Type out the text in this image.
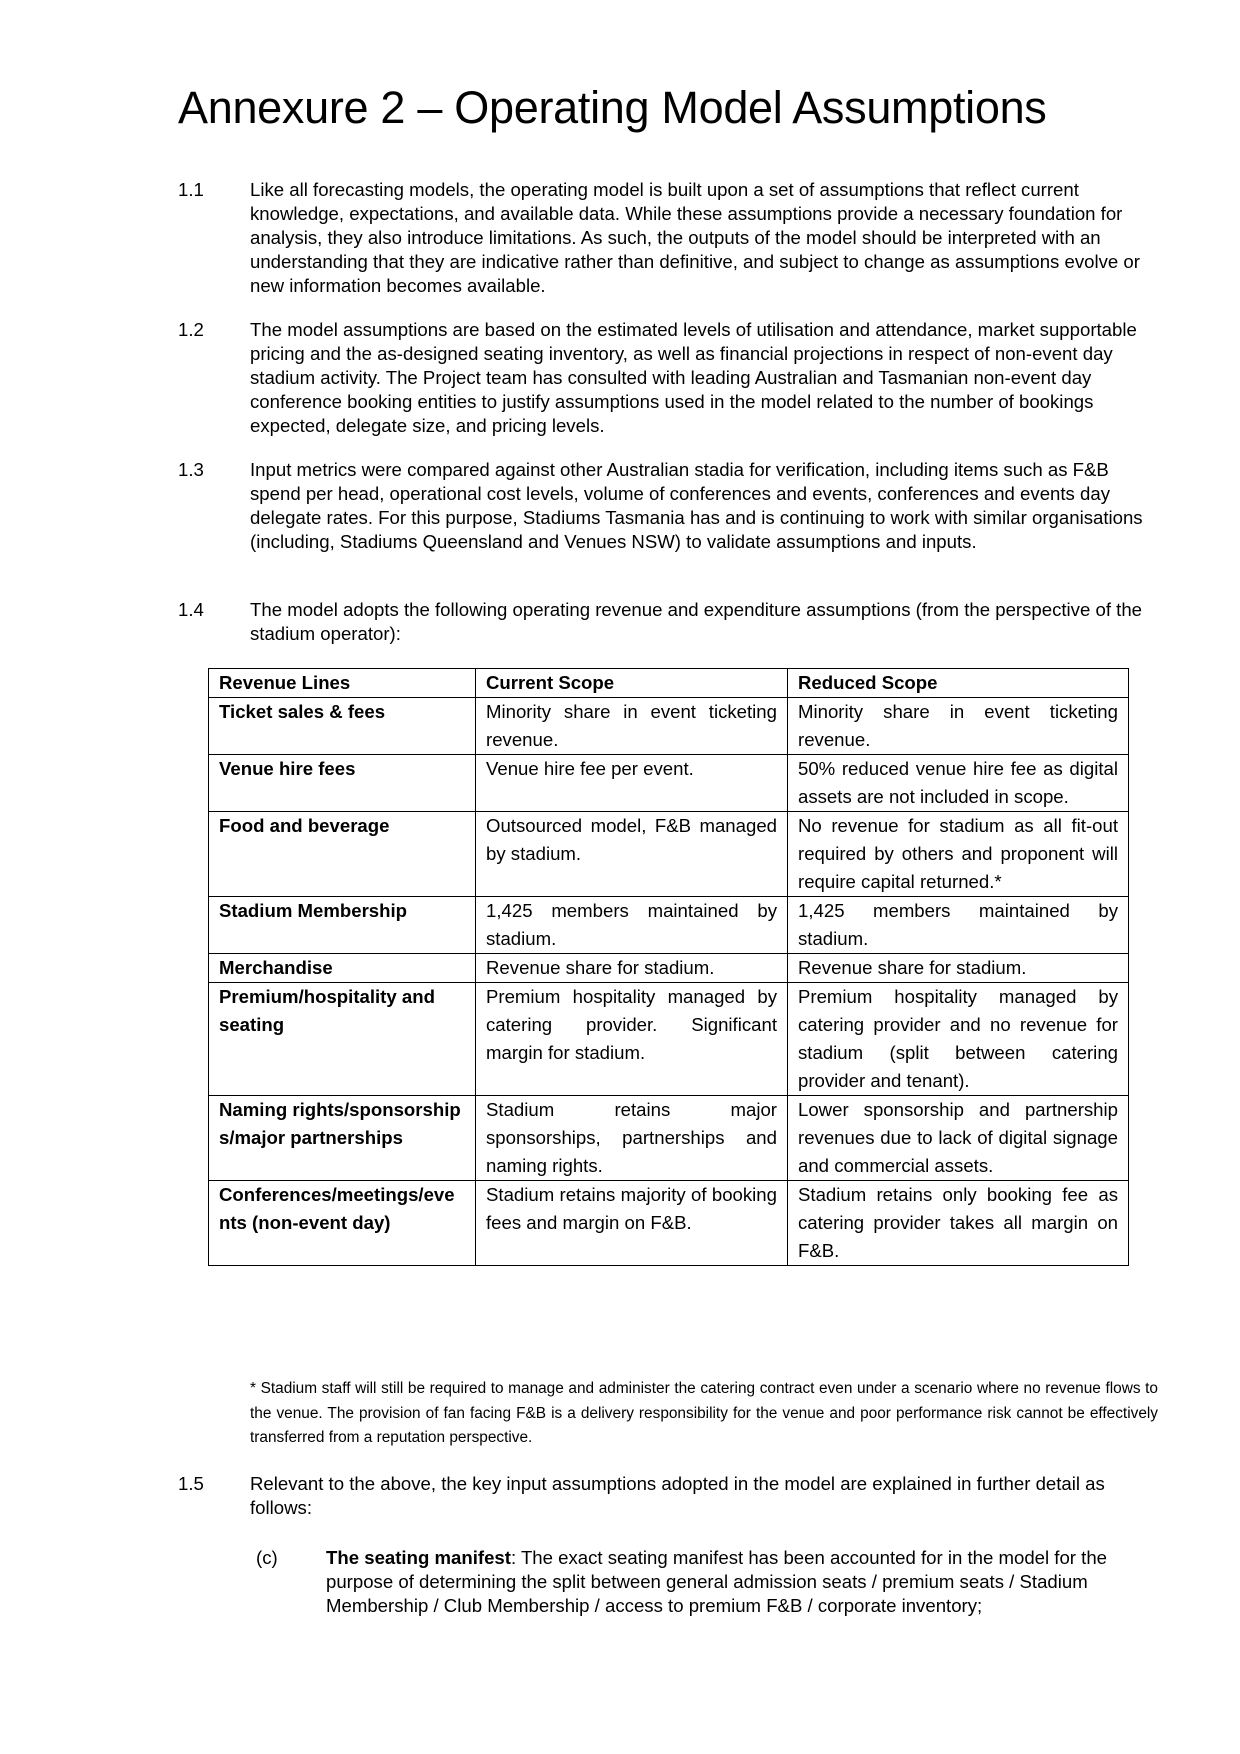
Annexure 2 – Operating Model Assumptions
1.1 Like all forecasting models, the operating model is built upon a set of assumptions that reflect current knowledge, expectations, and available data. While these assumptions provide a necessary foundation for analysis, they also introduce limitations. As such, the outputs of the model should be interpreted with an understanding that they are indicative rather than definitive, and subject to change as assumptions evolve or new information becomes available.
1.2 The model assumptions are based on the estimated levels of utilisation and attendance, market supportable pricing and the as-designed seating inventory, as well as financial projections in respect of non-event day stadium activity. The Project team has consulted with leading Australian and Tasmanian non-event day conference booking entities to justify assumptions used in the model related to the number of bookings expected, delegate size, and pricing levels.
1.3 Input metrics were compared against other Australian stadia for verification, including items such as F&B spend per head, operational cost levels, volume of conferences and events, conferences and events day delegate rates. For this purpose, Stadiums Tasmania has and is continuing to work with similar organisations (including, Stadiums Queensland and Venues NSW) to validate assumptions and inputs.
1.4 The model adopts the following operating revenue and expenditure assumptions (from the perspective of the stadium operator):
Revenue Lines	Current Scope	Reduced Scope
Ticket sales & fees	Minority share in event ticketing revenue.	Minority share in event ticketing revenue.
Venue hire fees	Venue hire fee per event.	50% reduced venue hire fee as digital assets are not included in scope.
Food and beverage	Outsourced model, F&B managed by stadium.	No revenue for stadium as all fit-out required by others and proponent will require capital returned.*
Stadium Membership	1,425 members maintained by stadium.	1,425 members maintained by stadium.
Merchandise	Revenue share for stadium.	Revenue share for stadium.
Premium/hospitality and seating	Premium hospitality managed by catering provider. Significant margin for stadium.	Premium hospitality managed by catering provider and no revenue for stadium (split between catering provider and tenant).
Naming rights/sponsorships/major partnerships	Stadium retains major sponsorships, partnerships and naming rights.	Lower sponsorship and partnership revenues due to lack of digital signage and commercial assets.
Conferences/meetings/events (non-event day)	Stadium retains majority of booking fees and margin on F&B.	Stadium retains only booking fee as catering provider takes all margin on F&B.
* Stadium staff will still be required to manage and administer the catering contract even under a scenario where no revenue flows to the venue. The provision of fan facing F&B is a delivery responsibility for the venue and poor performance risk cannot be effectively transferred from a reputation perspective.
1.5 Relevant to the above, the key input assumptions adopted in the model are explained in further detail as follows:
(c)	The seating manifest: The exact seating manifest has been accounted for in the model for the purpose of determining the split between general admission seats / premium seats / Stadium Membership / Club Membership / access to premium F&B / corporate inventory;
